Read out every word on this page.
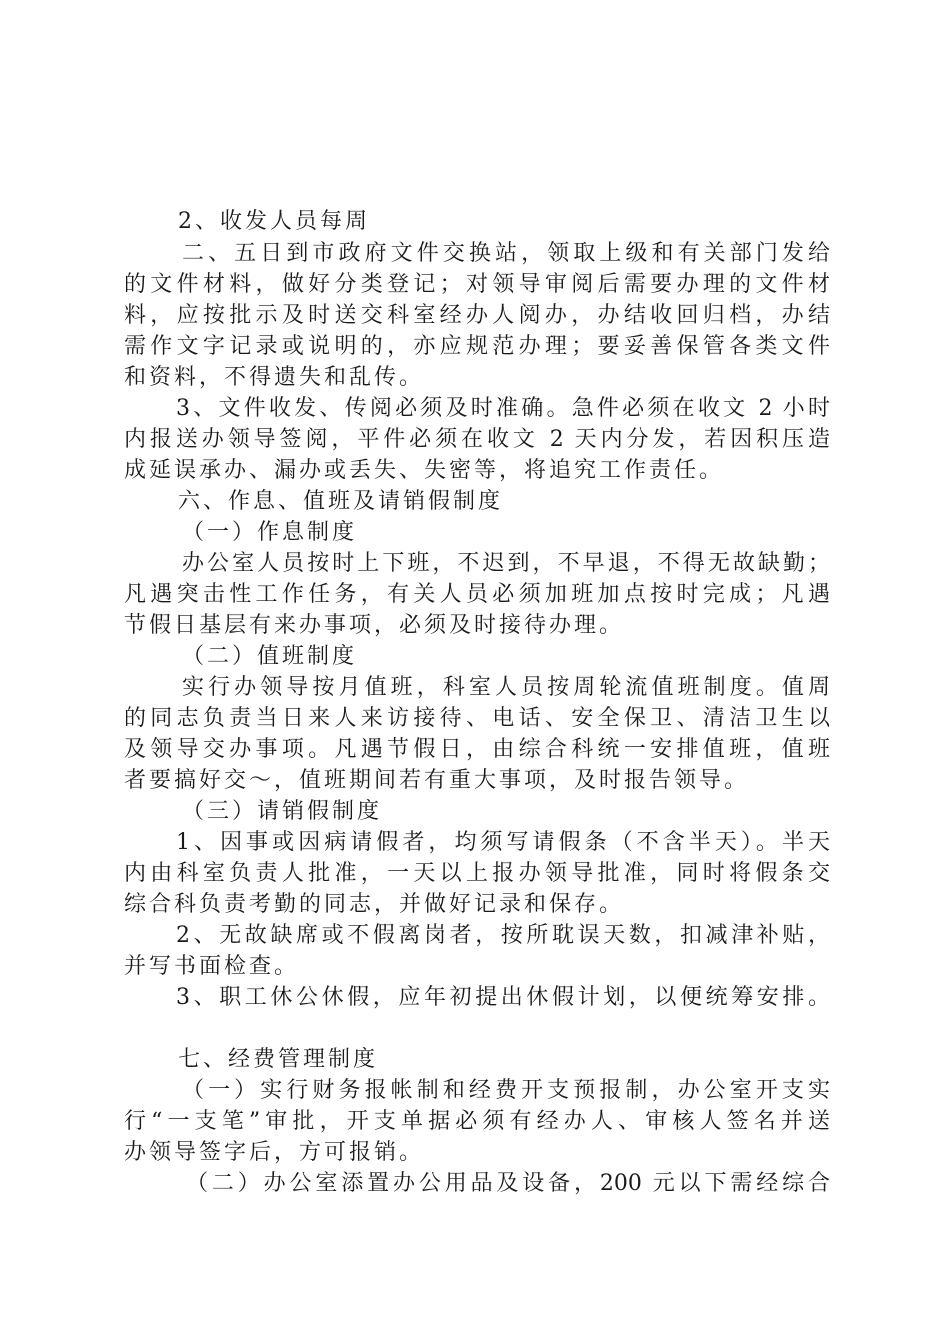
2、收发人员每周
二、五日到市政府文件交换站，领取上级和有关部门发给
的文件材料，做好分类登记；对领导审阅后需要办理的文件材
料，应按批示及时送交科室经办人阅办，办结收回归档，办结
需作文字记录或说明的，亦应规范办理；要妥善保管各类文件
和资料，不得遗失和乱传。
3、文件收发、传阅必须及时准确。急件必须在收文 2 小时
内报送办领导签阅，平件必须在收文 2 天内分发，若因积压造
成延误承办、漏办或丢失、失密等，将追究工作责任。
六、作息、值班及请销假制度
（一）作息制度
办公室人员按时上下班，不迟到，不早退，不得无故缺勤；
凡遇突击性工作任务，有关人员必须加班加点按时完成；凡遇
节假日基层有来办事项，必须及时接待办理。
（二）值班制度
实行办领导按月值班，科室人员按周轮流值班制度。值周
的同志负责当日来人来访接待、电话、安全保卫、清洁卫生以
及领导交办事项。凡遇节假日，由综合科统一安排值班，值班
者要搞好交～，值班期间若有重大事项，及时报告领导。
（三）请销假制度
1、因事或因病请假者，均须写请假条（不含半天）。半天
内由科室负责人批准，一天以上报办领导批准，同时将假条交
综合科负责考勤的同志，并做好记录和保存。
2、无故缺席或不假离岗者，按所耽误天数，扣减津补贴，
并写书面检查。
3、职工休公休假，应年初提出休假计划，以便统筹安排。
七、经费管理制度
（一）实行财务报帐制和经费开支预报制，办公室开支实
行“一支笔”审批，开支单据必须有经办人、审核人签名并送
办领导签字后，方可报销。
（二）办公室添置办公用品及设备，200 元以下需经综合
